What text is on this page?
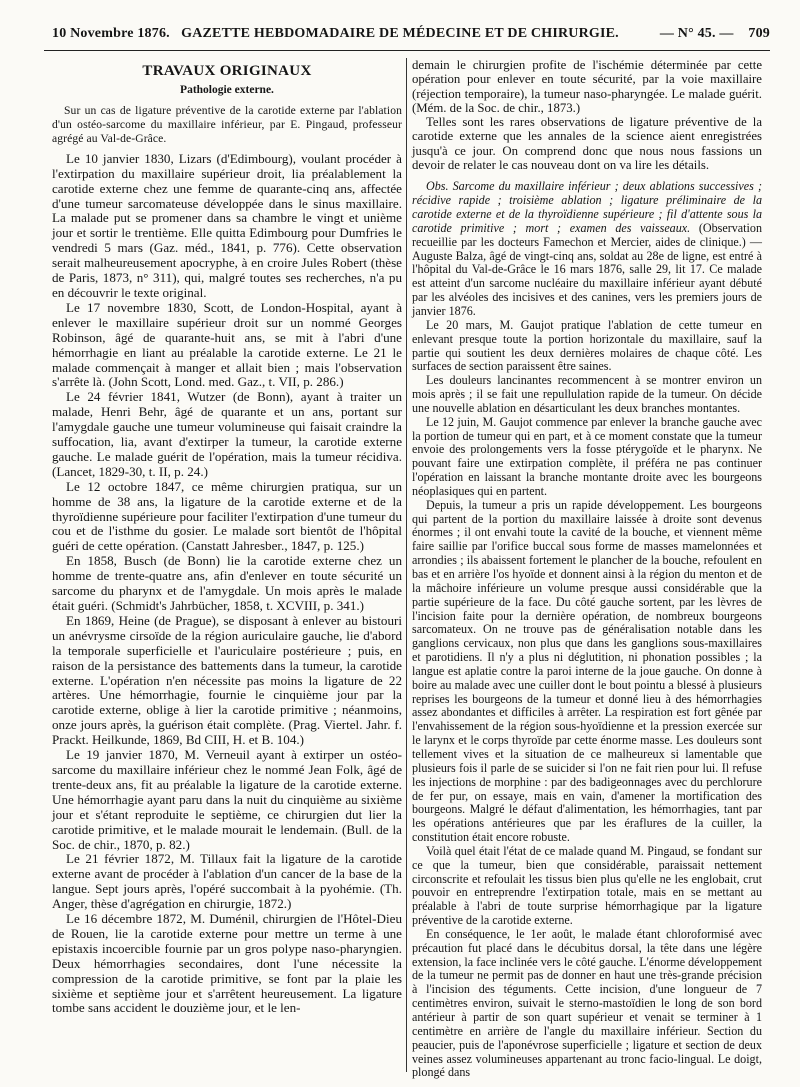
10 Novembre 1876. GAZETTE HEBDOMADAIRE DE MÉDECINE ET DE CHIRURGIE.	— N° 45. — 709
TRAVAUX ORIGINAUX
Pathologie externe.
Sur un cas de ligature préventive de la carotide externe par l'ablation d'un ostéo-sarcome du maxillaire inférieur, par E. Pingaud, professeur agrégé au Val-de-Grâce.

Le 10 janvier 1830, Lizars (d'Edimbourg), voulant procéder à l'extirpation du maxillaire supérieur droit, lia préalablement la carotide externe chez une femme de quarante-cinq ans, affectée d'une tumeur sarcomateuse développée dans le sinus maxillaire. La malade put se promener dans sa chambre le vingt et unième jour et sortir le trentième. Elle quitta Edimbourg pour Dumfries le vendredi 5 mars (Gaz. méd., 1841, p. 776). Cette observation serait malheureusement apocryphe, à en croire Jules Robert (thèse de Paris, 1873, n° 311), qui, malgré toutes ses recherches, n'a pu en découvrir le texte original.

Le 17 novembre 1830, Scott, de London-Hospital, ayant à enlever le maxillaire supérieur droit sur un nommé Georges Robinson, âgé de quarante-huit ans, se mit à l'abri d'une hémorrhagie en liant au préalable la carotide externe. Le 21 le malade commençait à manger et allait bien ; mais l'observation s'arrête là. (John Scott, Lond. med. Gaz., t. VII, p. 286.)

Le 24 février 1841, Wutzer (de Bonn), ayant à traiter un malade, Henri Behr, âgé de quarante et un ans, portant sur l'amygdale gauche une tumeur volumineuse qui faisait craindre la suffocation, lia, avant d'extirper la tumeur, la carotide externe gauche. Le malade guérit de l'opération, mais la tumeur récidiva. (Lancet, 1829-30, t. II, p. 24.)

Le 12 octobre 1847, ce même chirurgien pratiqua, sur un homme de 38 ans, la ligature de la carotide externe et de la thyroïdienne supérieure pour faciliter l'extirpation d'une tumeur du cou et de l'isthme du gosier. Le malade sort bientôt de l'hôpital guéri de cette opération. (Canstatt Jahresber., 1847, p. 125.)

En 1858, Busch (de Bonn) lie la carotide externe chez un homme de trente-quatre ans, afin d'enlever en toute sécurité un sarcome du pharynx et de l'amygdale. Un mois après le malade était guéri. (Schmidt's Jahrbücher, 1858, t. XCVIII, p. 341.)

En 1869, Heine (de Prague), se disposant à enlever au bistouri un anévrysme cirsoïde de la région auriculaire gauche, lie d'abord la temporale superficielle et l'auriculaire postérieure ; puis, en raison de la persistance des battements dans la tumeur, la carotide externe. L'opération n'en nécessite pas moins la ligature de 22 artères. Une hémorrhagie, fournie le cinquième jour par la carotide externe, oblige à lier la carotide primitive ; néanmoins, onze jours après, la guérison était complète. (Prag. Viertel. Jahr. f. Prackt. Heilkunde, 1869, Bd CIII, H. et B. 104.)

Le 19 janvier 1870, M. Verneuil ayant à extirper un ostéo-sarcome du maxillaire inférieur chez le nommé Jean Folk, âgé de trente-deux ans, fit au préalable la ligature de la carotide externe. Une hémorrhagie ayant paru dans la nuit du cinquième au sixième jour et s'étant reproduite le septième, ce chirurgien dut lier la carotide primitive, et le malade mourait le lendemain. (Bull. de la Soc. de chir., 1870, p. 82.)

Le 21 février 1872, M. Tillaux fait la ligature de la carotide externe avant de procéder à l'ablation d'un cancer de la base de la langue. Sept jours après, l'opéré succombait à la pyohémie. (Th. Anger, thèse d'agrégation en chirurgie, 1872.)

Le 16 décembre 1872, M. Duménil, chirurgien de l'Hôtel-Dieu de Rouen, lie la carotide externe pour mettre un terme à une epistaxis incoercible fournie par un gros polype naso-pharyngien. Deux hémorrhagies secondaires, dont l'une nécessite la compression de la carotide primitive, se font par la plaie les sixième et septième jour et s'arrêtent heureusement. La ligature tombe sans accident le douzième jour, et le len-

demain le chirurgien profite de l'ischémie déterminée par cette opération pour enlever en toute sécurité, par la voie maxillaire (réjection temporaire), la tumeur naso-pharyngée. Le malade guérit. (Mém. de la Soc. de chir., 1873.)

Telles sont les rares observations de ligature préventive de la carotide externe que les annales de la science aient enregistrées jusqu'à ce jour. On comprend donc que nous nous fassions un devoir de relater le cas nouveau dont on va lire les détails.

Obs. Sarcome du maxillaire inférieur ; deux ablations successives ; récidive rapide ; troisième ablation ; ligature préliminaire de la carotide externe et de la thyroïdienne supérieure ; fil d'attente sous la carotide primitive ; mort ; examen des vaisseaux. (Observation recueillie par les docteurs Famechon et Mercier, aides de clinique.) — Auguste Balza, âgé de vingt-cinq ans, soldat au 28e de ligne, est entré à l'hôpital du Val-de-Grâce le 16 mars 1876, salle 29, lit 17. Ce malade est atteint d'un sarcome nucléaire du maxillaire inférieur ayant débuté par les alvéoles des incisives et des canines, vers les premiers jours de janvier 1876.

Le 20 mars, M. Gaujot pratique l'ablation de cette tumeur en enlevant presque toute la portion horizontale du maxillaire, sauf la partie qui soutient les deux dernières molaires de chaque côté. Les surfaces de section paraissent être saines.

Les douleurs lancinantes recommencent à se montrer environ un mois après ; il se fait une repullulation rapide de la tumeur. On décide une nouvelle ablation en désarticulant les deux branches montantes.

Le 12 juin, M. Gaujot commence par enlever la branche gauche avec la portion de tumeur qui en part, et à ce moment constate que la tumeur envoie des prolongements vers la fosse ptérygoïde et le pharynx. Ne pouvant faire une extirpation complète, il préféra ne pas continuer l'opération en laissant la branche montante droite avec les bourgeons néoplasiques qui en partent.

Depuis, la tumeur a pris un rapide développement. Les bourgeons qui partent de la portion du maxillaire laissée à droite sont devenus énormes ; il ont envahi toute la cavité de la bouche, et viennent même faire saillie par l'orifice buccal sous forme de masses mamelonnées et arrondies ; ils abaissent fortement le plancher de la bouche, refoulent en bas et en arrière l'os hyoïde et donnent ainsi à la région du menton et de la mâchoire inférieure un volume presque aussi considérable que la partie supérieure de la face. Du côté gauche sortent, par les lèvres de l'incision faite pour la dernière opération, de nombreux bourgeons sarcomateux. On ne trouve pas de généralisation notable dans les ganglions cervicaux, non plus que dans les ganglions sous-maxillaires et parotidiens. Il n'y a plus ni déglutition, ni phonation possibles ; la langue est aplatie contre la paroi interne de la joue gauche. On donne à boire au malade avec une cuiller dont le bout pointu a blessé à plusieurs reprises les bourgeons de la tumeur et donné lieu à des hémorrhagies assez abondantes et difficiles à arrêter. La respiration est fort gênée par l'envahissement de la région sous-hyoïdienne et la pression exercée sur le larynx et le corps thyroïde par cette énorme masse. Les douleurs sont tellement vives et la situation de ce malheureux si lamentable que plusieurs fois il parle de se suicider si l'on ne fait rien pour lui. Il refuse les injections de morphine : par des badigeonnages avec du perchlorure de fer pur, on essaye, mais en vain, d'amener la mortification des bourgeons. Malgré le défaut d'alimentation, les hémorrhagies, tant par les opérations antérieures que par les éraflures de la cuiller, la constitution était encore robuste.

Voilà quel était l'état de ce malade quand M. Pingaud, se fondant sur ce que la tumeur, bien que considérable, paraissait nettement circonscrite et refoulait les tissus bien plus qu'elle ne les englobait, crut pouvoir en entreprendre l'extirpation totale, mais en se mettant au préalable à l'abri de toute surprise hémorrhagique par la ligature préventive de la carotide externe.

En conséquence, le 1er août, le malade étant chloroformisé avec précaution fut placé dans le décubitus dorsal, la tête dans une légère extension, la face inclinée vers le côté gauche. L'énorme développement de la tumeur ne permit pas de donner en haut une très-grande précision à l'incision des téguments. Cette incision, d'une longueur de 7 centimètres environ, suivait le sterno-mastoïdien le long de son bord antérieur à partir de son quart supérieur et venait se terminer à 1 centimètre en arrière de l'angle du maxillaire inférieur. Section du peaucier, puis de l'aponévrose superficielle ; ligature et section de deux veines assez volumineuses appartenant au tronc facio-lingual. Le doigt, plongé dans
